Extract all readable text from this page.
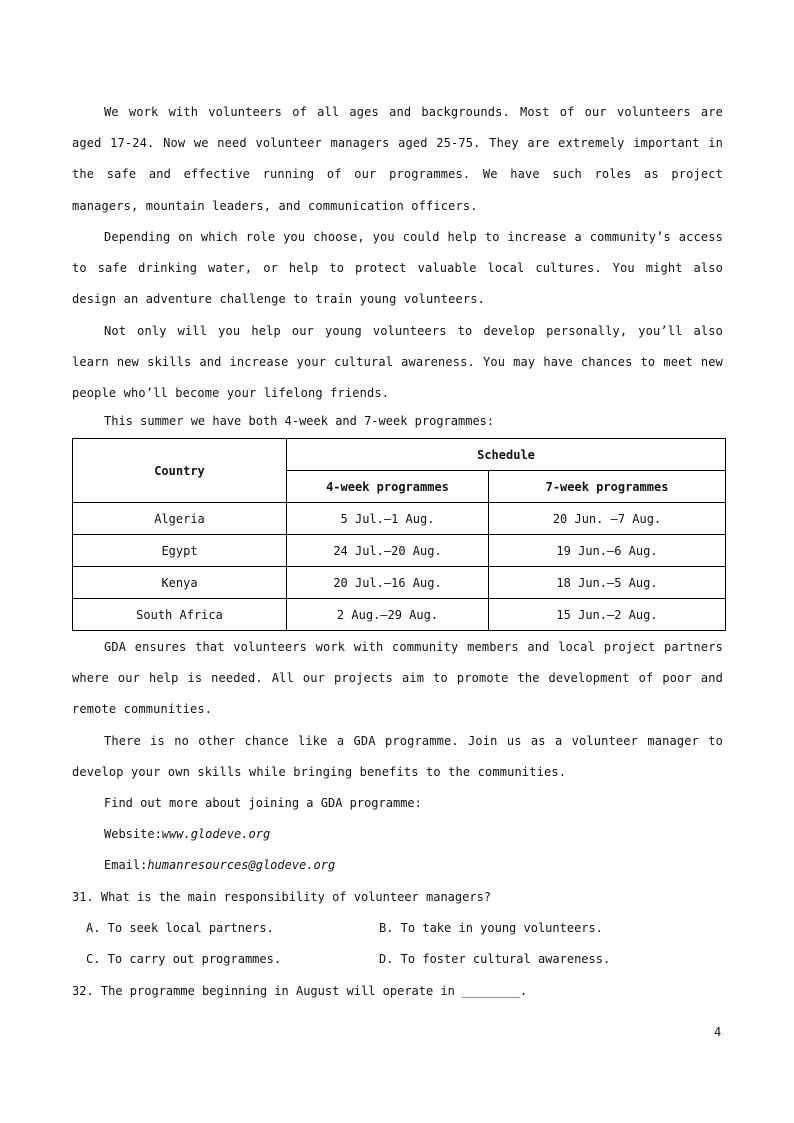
We work with volunteers of all ages and backgrounds. Most of our volunteers are aged 17-24. Now we need volunteer managers aged 25-75. They are extremely important in the safe and effective running of our programmes. We have such roles as project managers, mountain leaders, and communication officers.

Depending on which role you choose, you could help to increase a community’s access to safe drinking water, or help to protect valuable local cultures. You might also design an adventure challenge to train young volunteers.

Not only will you help our young volunteers to develop personally, you’ll also learn new skills and increase your cultural awareness. You may have chances to meet new people who’ll become your lifelong friends.

This summer we have both 4-week and 7-week programmes:

Country	Schedule	
	4-week programmes	7-week programmes
Algeria	5 Jul.—1 Aug.	20 Jun. —7 Aug.
Egypt	24 Jul.—20 Aug.	19 Jun.—6 Aug.
Kenya	20 Jul.—16 Aug.	18 Jun.—5 Aug.
South Africa	2 Aug.—29 Aug.	15 Jun.—2 Aug.

GDA ensures that volunteers work with community members and local project partners where our help is needed. All our projects aim to promote the development of poor and remote communities.

There is no other chance like a GDA programme. Join us as a volunteer manager to develop your own skills while bringing benefits to the communities.

Find out more about joining a GDA programme:

Website:www.glodeve.org

Email:humanresources@glodeve.org

31. What is the main responsibility of volunteer managers?

A. To seek local partners.	B. To take in young volunteers.

C. To carry out programmes.	D. To foster cultural awareness.

32. The programme beginning in August will operate in ________.

4
